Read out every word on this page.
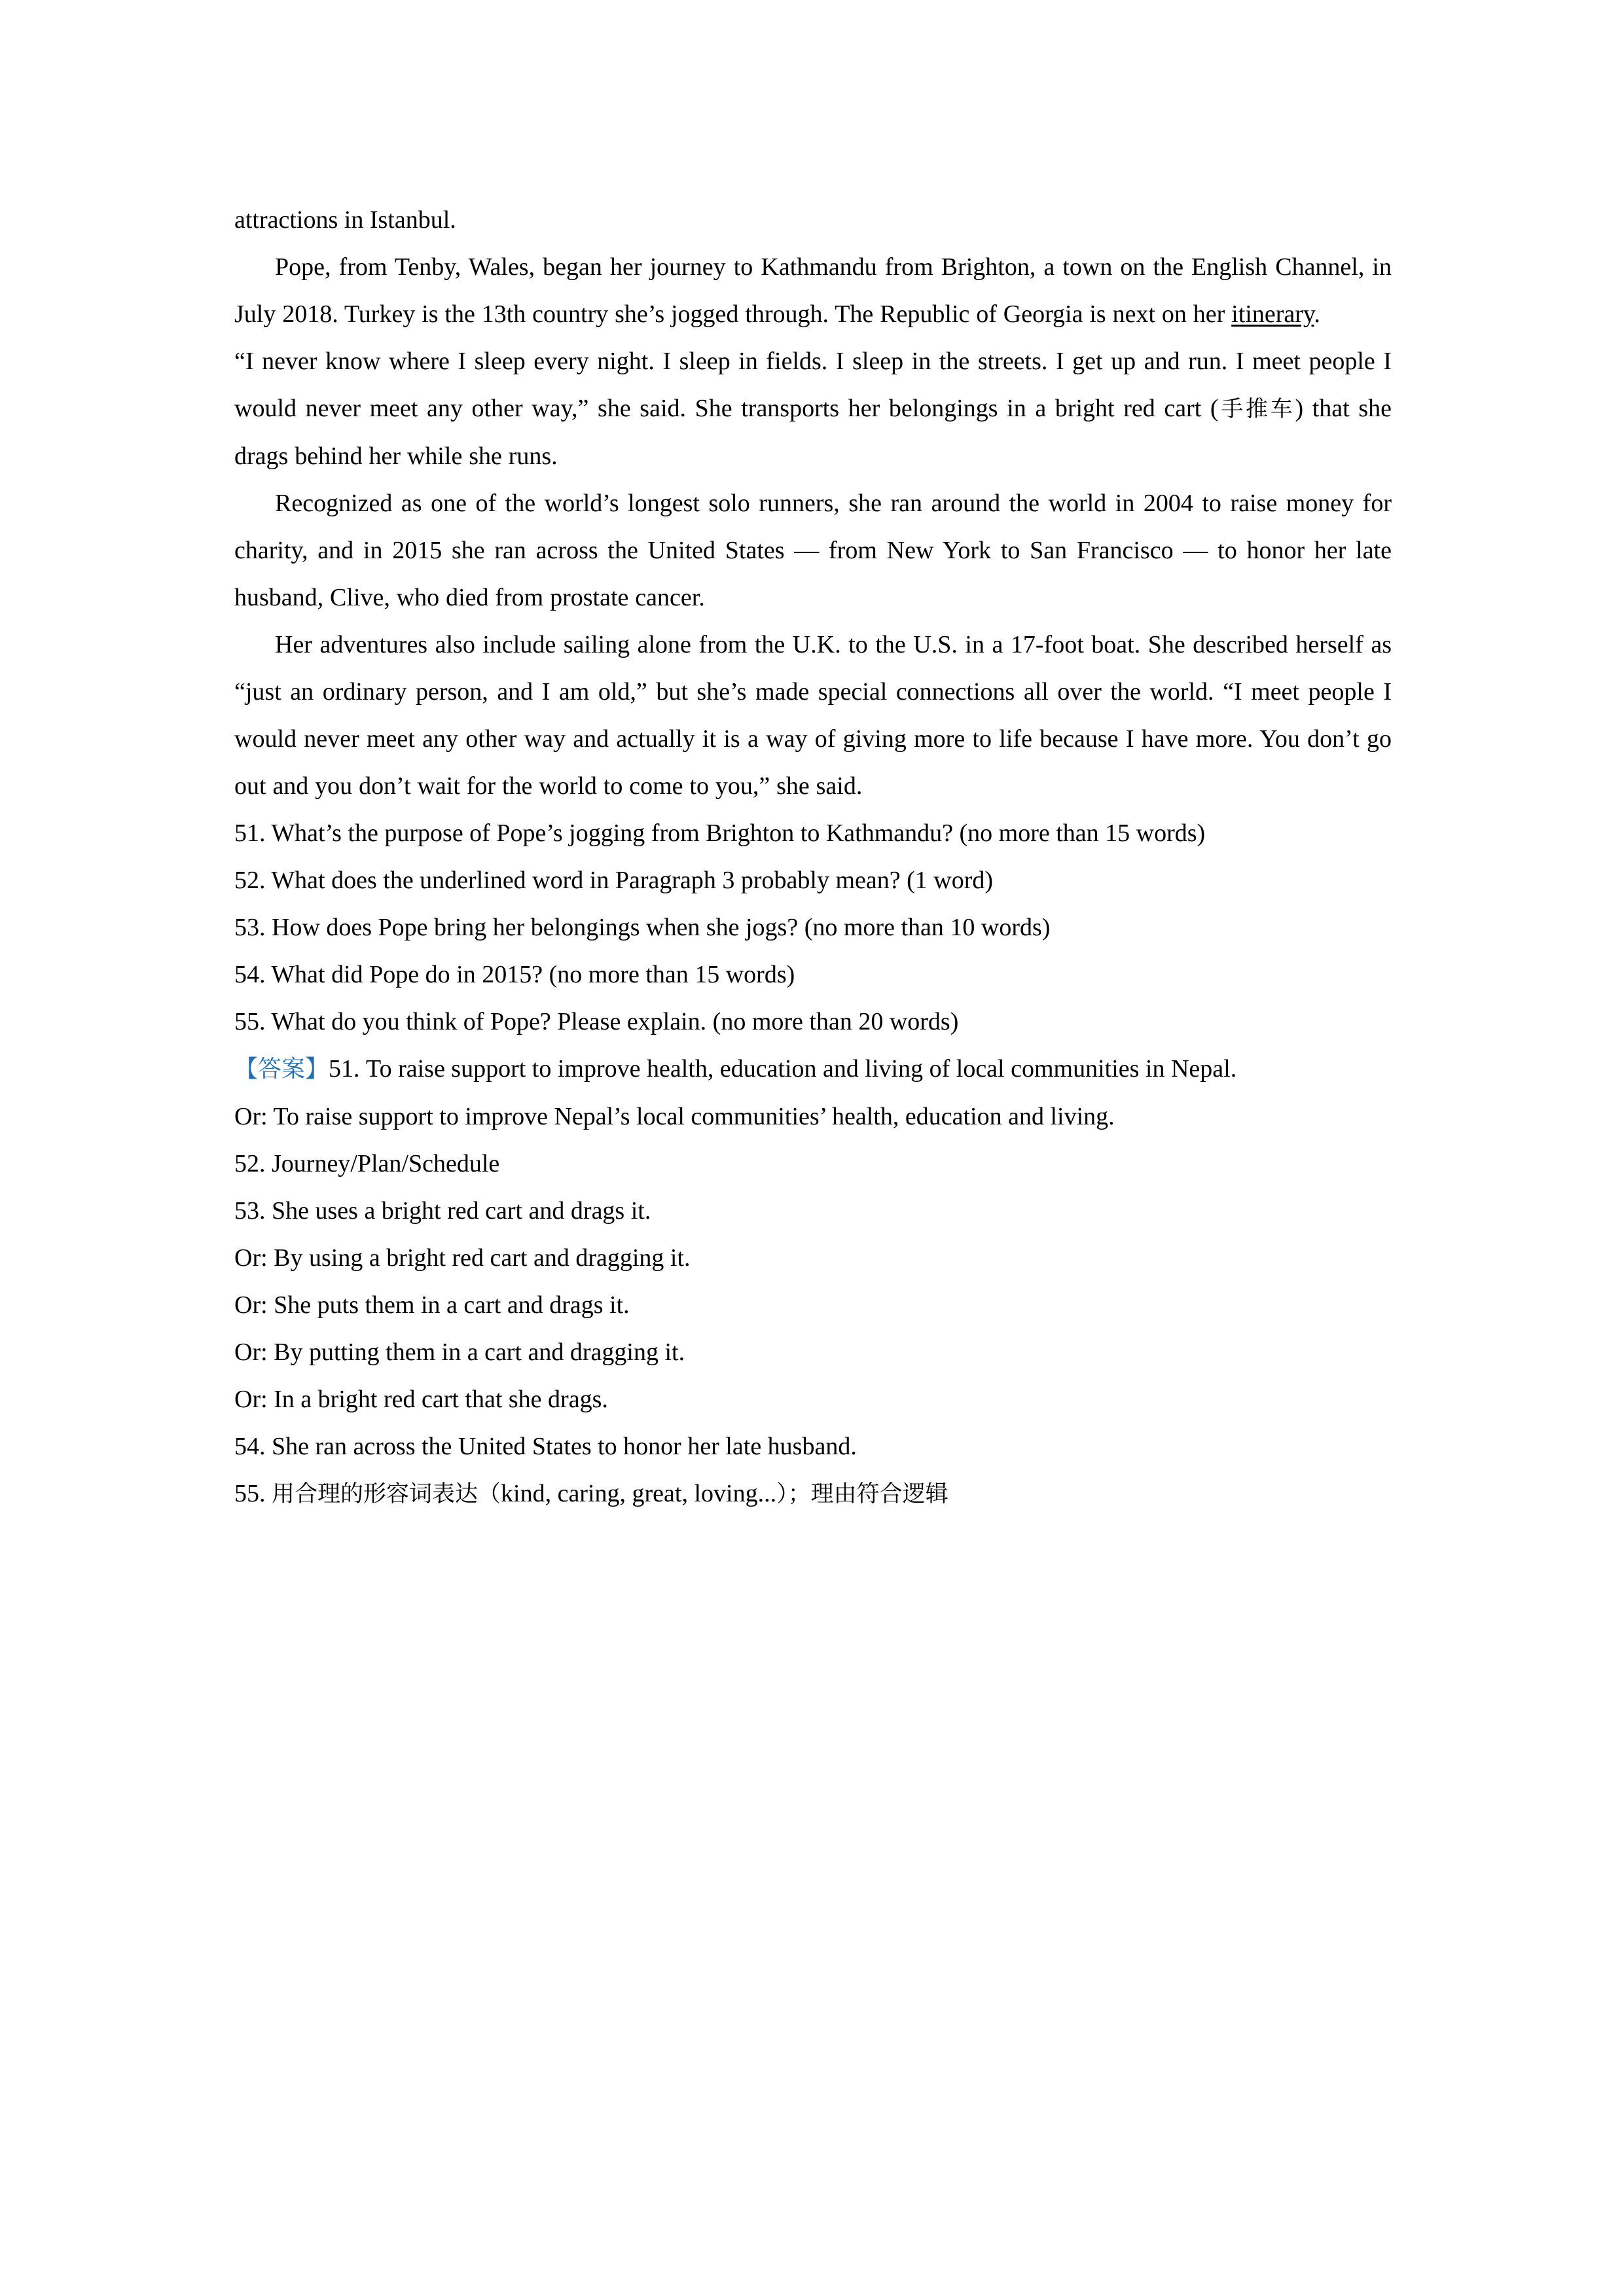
attractions in Istanbul.

Pope, from Tenby, Wales, began her journey to Kathmandu from Brighton, a town on the English Channel, in July 2018. Turkey is the 13th country she’s jogged through. The Republic of Georgia is next on her itinerary.

“I never know where I sleep every night. I sleep in fields. I sleep in the streets. I get up and run. I meet people I would never meet any other way,” she said. She transports her belongings in a bright red cart (手推车) that she drags behind her while she runs.

Recognized as one of the world’s longest solo runners, she ran around the world in 2004 to raise money for charity, and in 2015 she ran across the United States — from New York to San Francisco — to honor her late husband, Clive, who died from prostate cancer.

Her adventures also include sailing alone from the U.K. to the U.S. in a 17-foot boat. She described herself as “just an ordinary person, and I am old,” but she’s made special connections all over the world. “I meet people I would never meet any other way and actually it is a way of giving more to life because I have more. You don’t go out and you don’t wait for the world to come to you,” she said.

51. What’s the purpose of Pope’s jogging from Brighton to Kathmandu? (no more than 15 words)

52. What does the underlined word in Paragraph 3 probably mean? (1 word)

53. How does Pope bring her belongings when she jogs? (no more than 10 words)

54. What did Pope do in 2015? (no more than 15 words)

55. What do you think of Pope? Please explain. (no more than 20 words)

【答案】51. To raise support to improve health, education and living of local communities in Nepal.

Or: To raise support to improve Nepal’s local communities’ health, education and living.

52. Journey/Plan/Schedule

53. She uses a bright red cart and drags it.

Or: By using a bright red cart and dragging it.

Or: She puts them in a cart and drags it.

Or: By putting them in a cart and dragging it.

Or: In a bright red cart that she drags.

54. She ran across the United States to honor her late husband.

55. 用合理的形容词表达（kind, caring, great, loving...）；理由符合逻辑
